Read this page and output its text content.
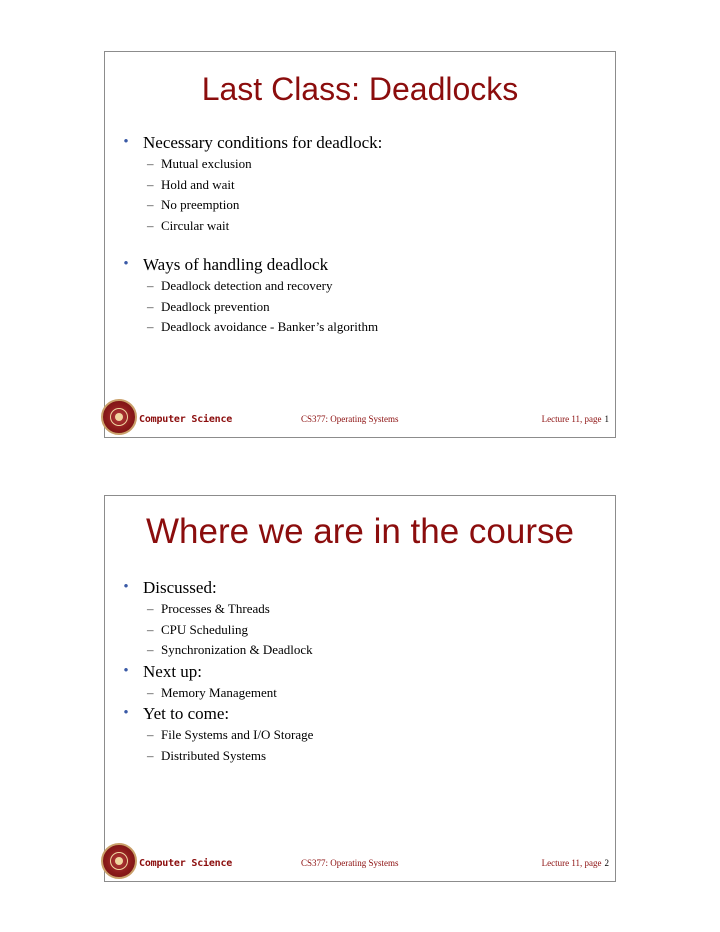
Last Class: Deadlocks
• Necessary conditions for deadlock:
– Mutual exclusion
– Hold and wait
– No preemption
– Circular wait
• Ways of handling deadlock
– Deadlock detection and recovery
– Deadlock prevention
– Deadlock avoidance - Banker’s algorithm
Computer Science	CS377: Operating Systems	Lecture 11, page 1
Where we are in the course
• Discussed:
– Processes & Threads
– CPU Scheduling
– Synchronization & Deadlock
• Next up:
– Memory Management
• Yet to come:
– File Systems and I/O Storage
– Distributed Systems
Computer Science	CS377: Operating Systems	Lecture 11, page 2
